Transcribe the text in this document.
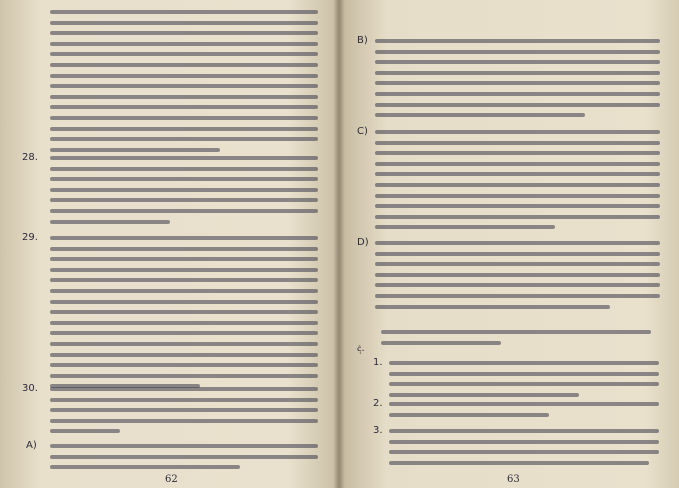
28.
29.
30.
A)
62
B)
C)
D)
ද.
1.
2.
3.
63
